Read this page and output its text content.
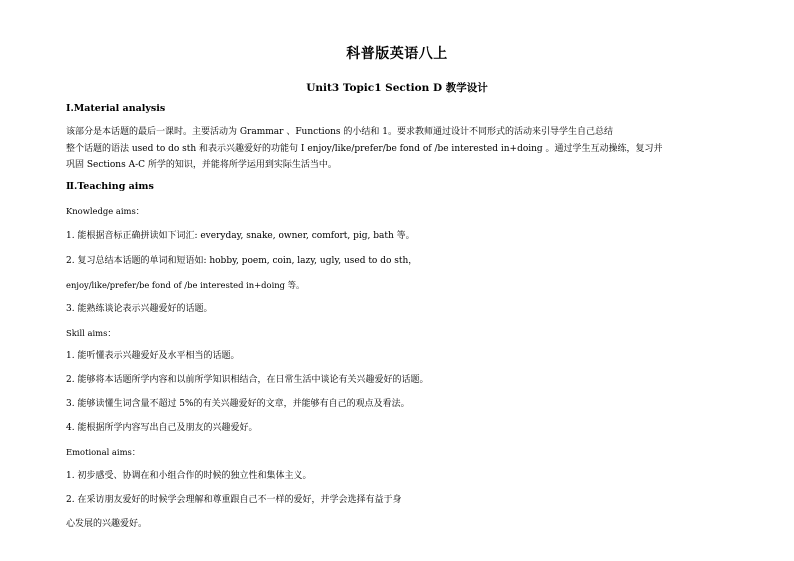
科普版英语八上
Unit3 Topic1 Section D 教学设计
Ⅰ.Material analysis
该部分是本话题的最后一课时。主要活动为 Grammar 、Functions 的小结和 1。要求教师通过设计不同形式的活动来引导学生自己总结
整个话题的语法 used to do sth 和表示兴趣爱好的功能句 I enjoy/like/prefer/be fond of /be interested in+doing 。通过学生互动操练，复习并
巩固 Sections A-C 所学的知识，并能将所学运用到实际生活当中。
Ⅱ.Teaching aims
Knowledge aims：
1. 能根据音标正确拼读如下词汇: everyday, snake, owner, comfort, pig, bath 等。
2. 复习总结本话题的单词和短语如: hobby, poem, coin, lazy, ugly, used to do sth，
enjoy/like/prefer/be fond of /be interested in+doing 等。
3. 能熟练谈论表示兴趣爱好的话题。
Skill aims：
1. 能听懂表示兴趣爱好及水平相当的话题。
2. 能够将本话题所学内容和以前所学知识相结合，在日常生活中谈论有关兴趣爱好的话题。
3. 能够读懂生词含量不超过 5%的有关兴趣爱好的文章，并能够有自己的观点及看法。
4. 能根据所学内容写出自己及朋友的兴趣爱好。
Emotional aims：
1. 初步感受、协调在和小组合作的时候的独立性和集体主义。
2. 在采访朋友爱好的时候学会理解和尊重跟自己不一样的爱好，并学会选择有益于身
心发展的兴趣爱好。
